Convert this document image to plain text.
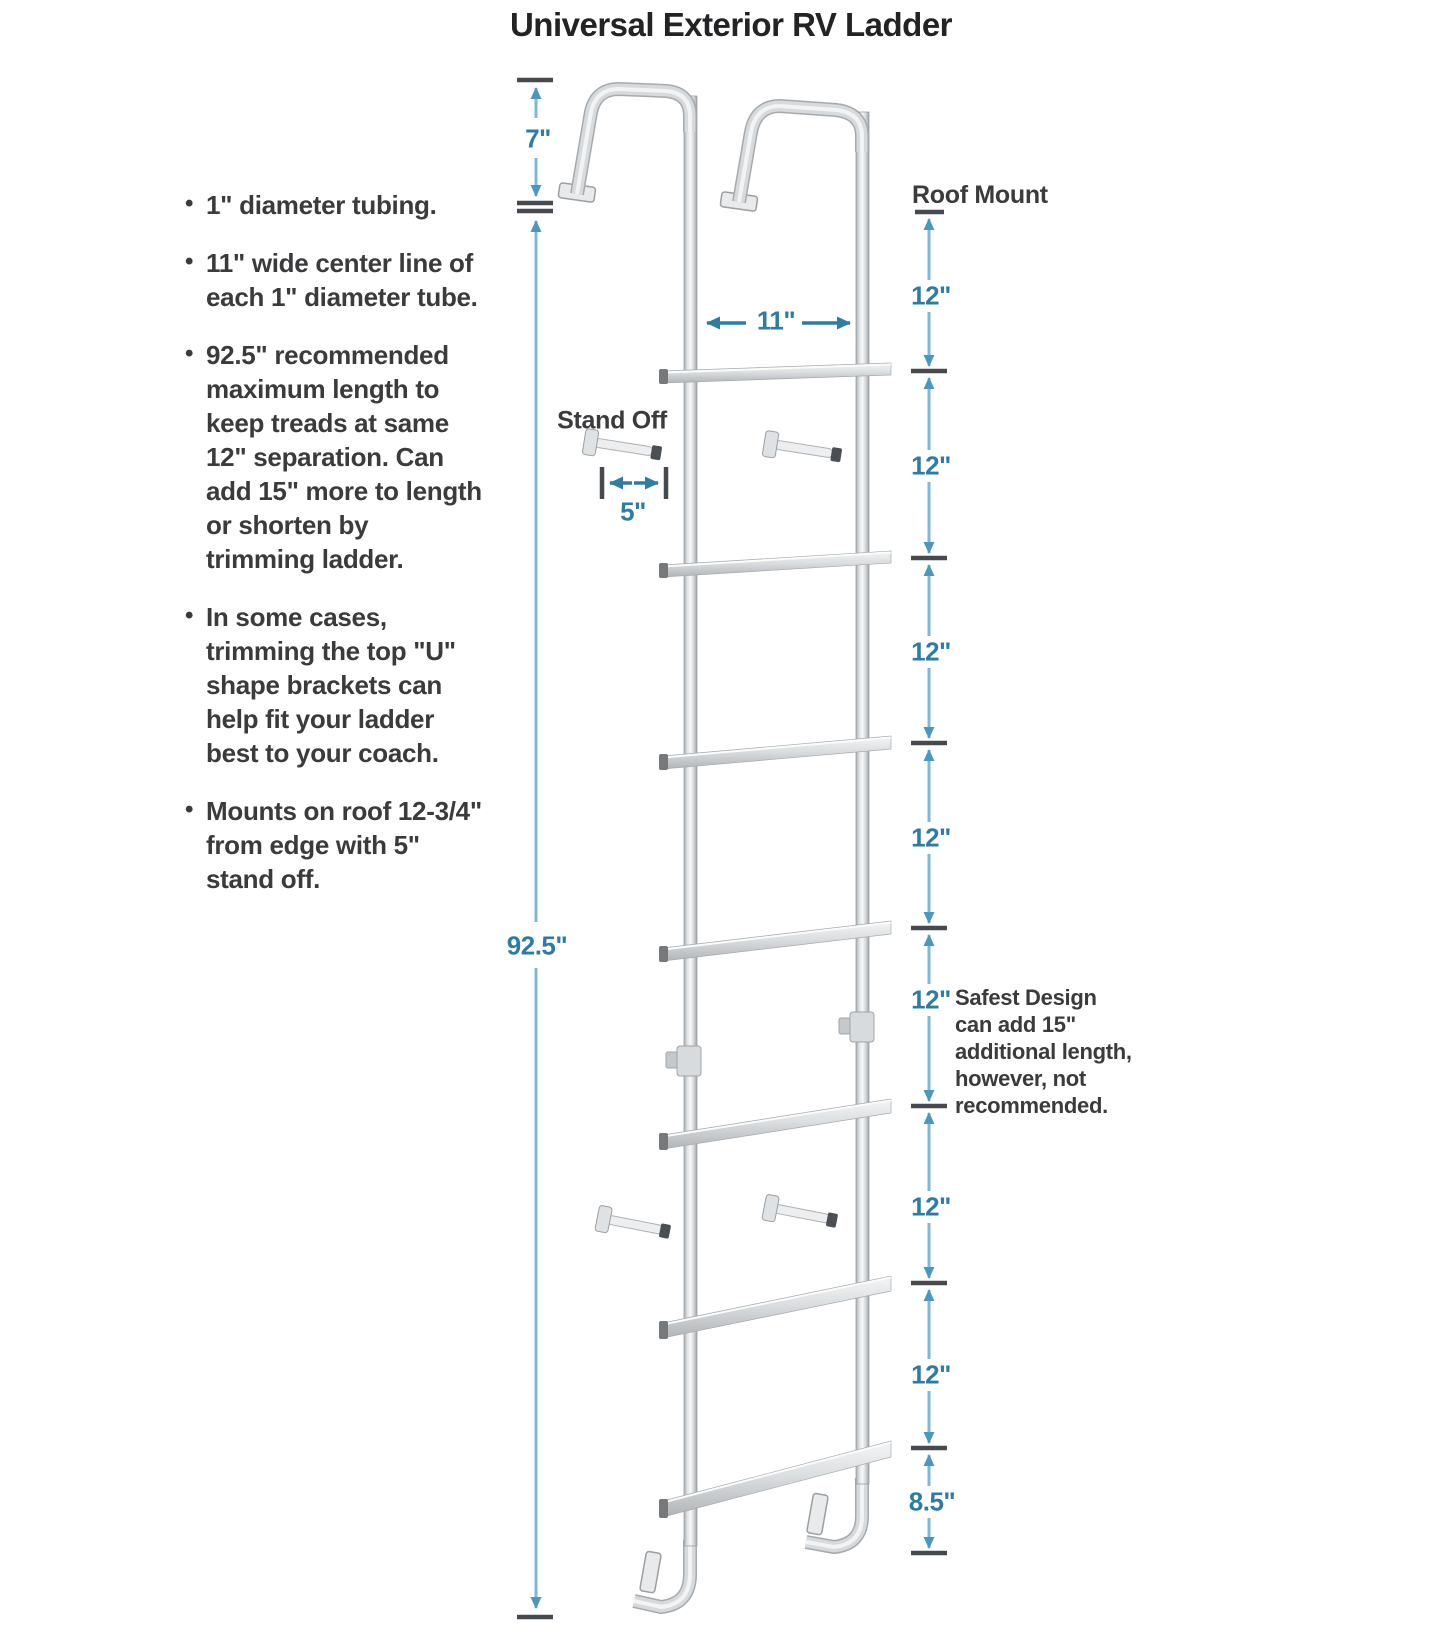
Universal Exterior RV Ladder
• 1" diameter tubing.
• 11" wide center line of each 1" diameter tube.
• 92.5" recommended maximum length to keep treads at same 12" separation. Can add 15" more to length or shorten by trimming ladder.
• In some cases, trimming the top "U" shape brackets can help fit your ladder best to your coach.
• Mounts on roof 12-3/4" from edge with 5" stand off.
7"
92.5"
11"
5"
12"
12"
12"
12"
12"
12"
12"
8.5"
Roof Mount
Stand Off
Safest Design
can add 15"
additional length,
however, not
recommended.
